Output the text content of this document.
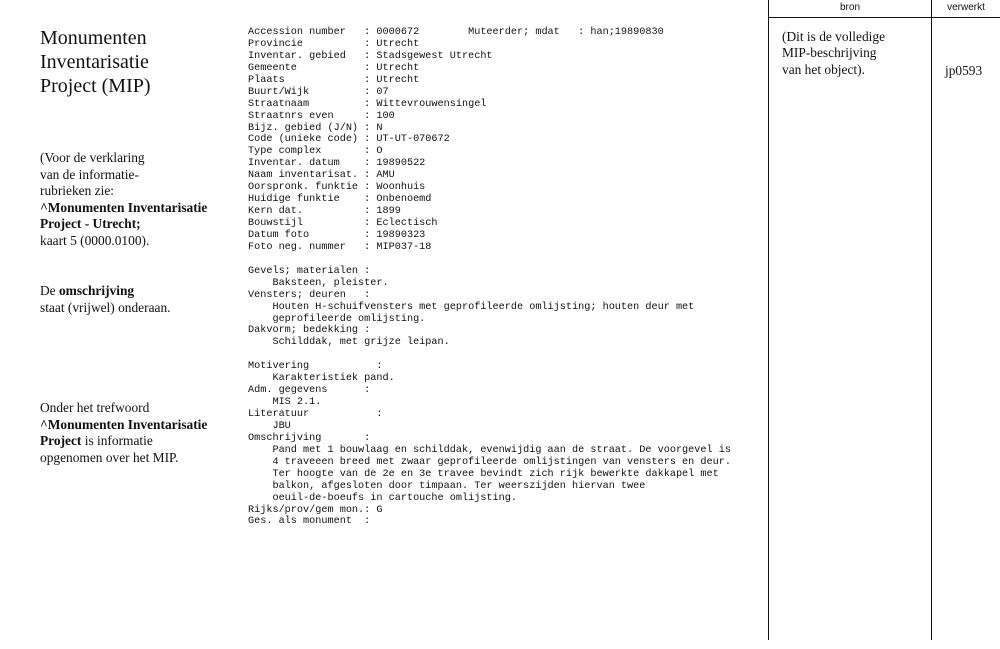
Monumenten
Inventarisatie
Project (MIP)
(Voor de verklaring
van de informatie-
rubrieken zie:
^Monumenten Inventarisatie
Project - Utrecht;
kaart 5 (0000.0100).
De omschrijving
staat (vrijwel) onderaan.
Onder het trefwoord
^Monumenten Inventarisatie
Project is informatie
opgenomen over het MIP.
Accession number   : 0000672        Muteerder; mdat   : han;19890830
Provincie          : Utrecht
Inventar. gebied   : Stadsgewest Utrecht
Gemeente           : Utrecht
Plaats             : Utrecht
Buurt/Wijk         : 07
Straatnaam         : Wittevrouwensingel
Straatnrs even     : 100
Bijz. gebied (J/N) : N
Code (unieke code) : UT-UT-070672
Type complex       : O
Inventar. datum    : 19890522
Naam inventarisat. : AMU
Oorspronk. funktie : Woonhuis
Huidige funktie    : Onbenoemd
Kern dat.          : 1899
Bouwstijl          : Eclectisch
Datum foto         : 19890323
Foto neg. nummer   : MIP037-18
Gevels; materialen :
Baksteen, pleister.
Vensters; deuren   :
Houten H-schuifvensters met geprofileerde omlijsting; houten deur met
geprofileerde omlijsting.
Dakvorm; bedekking :
Schilddak, met grijze leipan.
Motivering           :
Karakteristiek pand.
Adm. gegevens      :
MIS 2.1.
Literatuur           :
JBU
Omschrijving       :
Pand met 1 bouwlaag en schilddak, evenwijdig aan de straat. De voorgevel is
4 traveeen breed met zwaar geprofileerde omlijstingen van vensters en deur.
Ter hoogte van de 2e en 3e travee bevindt zich rijk bewerkte dakkapel met
balkon, afgesloten door timpaan. Ter weerszijden hiervan twee
oeuil-de-boeufs in cartouche omlijsting.
Rijks/prov/gem mon.: G
Ges. als monument  :
bron	verwerkt
(Dit is de volledige
MIP-beschrijving
van het object).	jp0593
